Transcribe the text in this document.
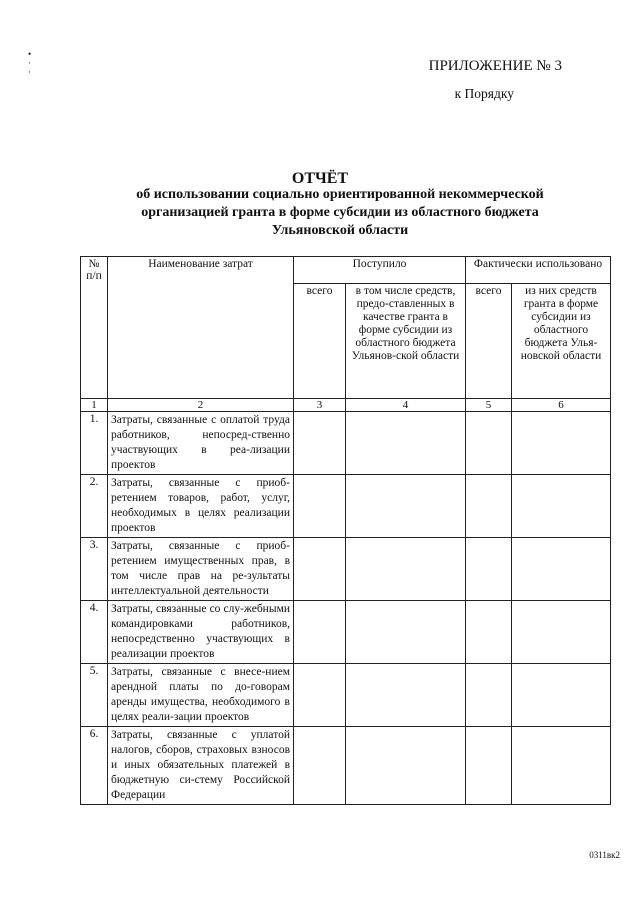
•
·
·	ПРИЛОЖЕНИЕ № 3
к Порядку
ОТЧЁТ
об использовании социально ориентированной некоммерческой организацией гранта в форме субсидии из областного бюджета Ульяновской области
№ п/п	Наименование затрат	Поступило		Фактически использовано	
		всего	в том числе средств, предо-ставленных в качестве гранта в форме субсидии из областного бюджета Ульянов-ской области	всего	из них средств гранта в форме субсидии из областного бюджета Улья-новской области
1	2	3	4	5	6
1.	Затраты, связанные с оплатой труда работников, непосред-ственно участвующих в реа-лизации проектов				
2.	Затраты, связанные с приоб-ретением товаров, работ, услуг, необходимых в целях реализации проектов				
3.	Затраты, связанные с приоб-ретением имущественных прав, в том числе прав на ре-зультаты интеллектуальной деятельности				
4.	Затраты, связанные со слу-жебными командировками работников, непосредственно участвующих в реализации проектов				
5.	Затраты, связанные с внесе-нием арендной платы по до-говорам аренды имущества, необходимого в целях реали-зации проектов				
6.	Затраты, связанные с уплатой налогов, сборов, страховых взносов и иных обязательных платежей в бюджетную си-стему Российской Федерации				
0311вк2
